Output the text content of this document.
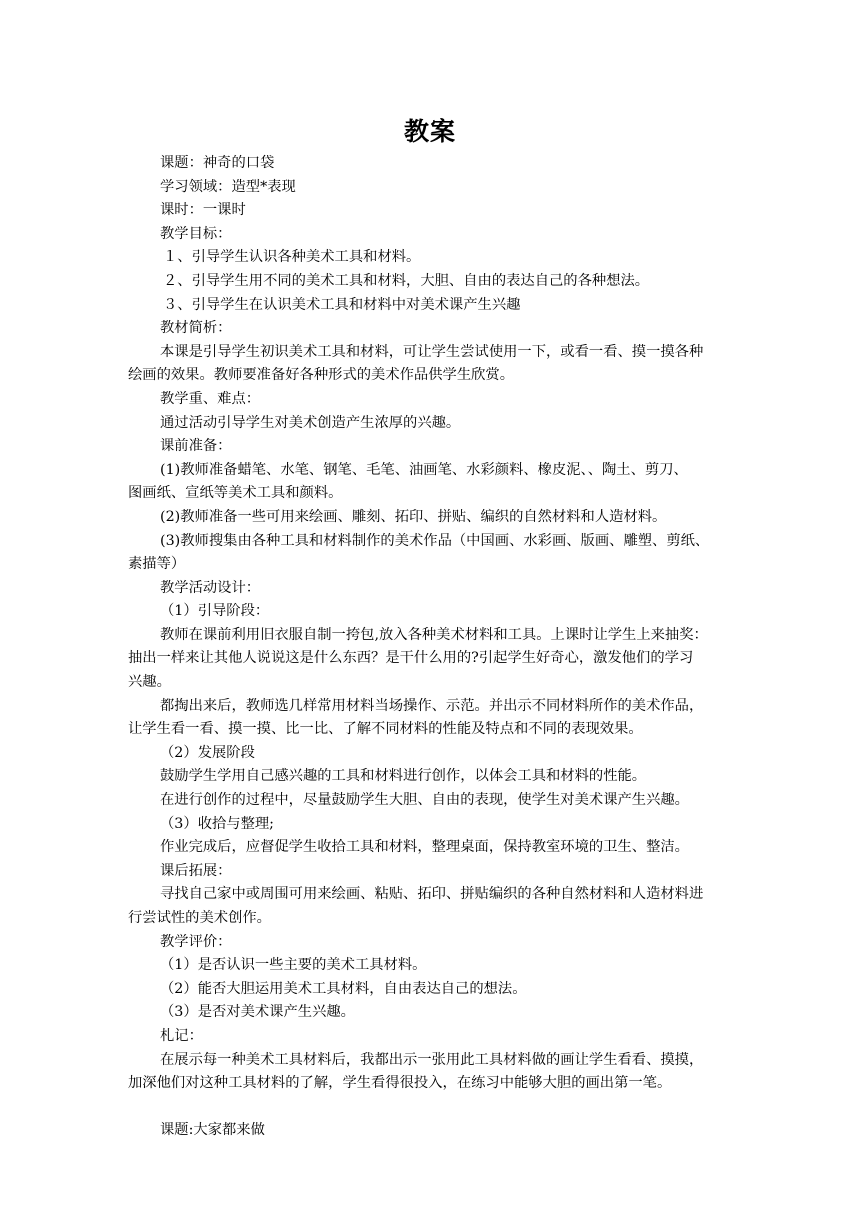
教案
课题：神奇的口袋
学习领域：造型*表现
课时：一课时
教学目标：
１、引导学生认识各种美术工具和材料。
２、引导学生用不同的美术工具和材料，大胆、自由的表达自己的各种想法。
３、引导学生在认识美术工具和材料中对美术课产生兴趣
教材简析：
本课是引导学生初识美术工具和材料，可让学生尝试使用一下，或看一看、摸一摸各种
绘画的效果。教师要准备好各种形式的美术作品供学生欣赏。
教学重、难点：
通过活动引导学生对美术创造产生浓厚的兴趣。
课前准备：
(1)教师准备蜡笔、水笔、钢笔、毛笔、油画笔、水彩颜料、橡皮泥、、陶土、剪刀、
图画纸、宣纸等美术工具和颜料。
(2)教师准备一些可用来绘画、雕刻、拓印、拼贴、编织的自然材料和人造材料。
(3)教师搜集由各种工具和材料制作的美术作品（中国画、水彩画、版画、雕塑、剪纸、
素描等）
教学活动设计：
（1）引导阶段：
教师在课前利用旧衣服自制一挎包,放入各种美术材料和工具。上课时让学生上来抽奖：
抽出一样来让其他人说说这是什么东西？是干什么用的?引起学生好奇心，激发他们的学习
兴趣。
都掏出来后，教师选几样常用材料当场操作、示范。并出示不同材料所作的美术作品，
让学生看一看、摸一摸、比一比、了解不同材料的性能及特点和不同的表现效果。
（2）发展阶段
鼓励学生学用自己感兴趣的工具和材料进行创作，以体会工具和材料的性能。
在进行创作的过程中，尽量鼓励学生大胆、自由的表现，使学生对美术课产生兴趣。
（3）收拾与整理;
作业完成后，应督促学生收拾工具和材料，整理桌面，保持教室环境的卫生、整洁。
课后拓展：
寻找自己家中或周围可用来绘画、粘贴、拓印、拼贴编织的各种自然材料和人造材料进
行尝试性的美术创作。
教学评价：
（1）是否认识一些主要的美术工具材料。
（2）能否大胆运用美术工具材料，自由表达自己的想法。
（3）是否对美术课产生兴趣。
札记：
在展示每一种美术工具材料后，我都出示一张用此工具材料做的画让学生看看、摸摸，
加深他们对这种工具材料的了解，学生看得很投入，在练习中能够大胆的画出第一笔。
课题:大家都来做
